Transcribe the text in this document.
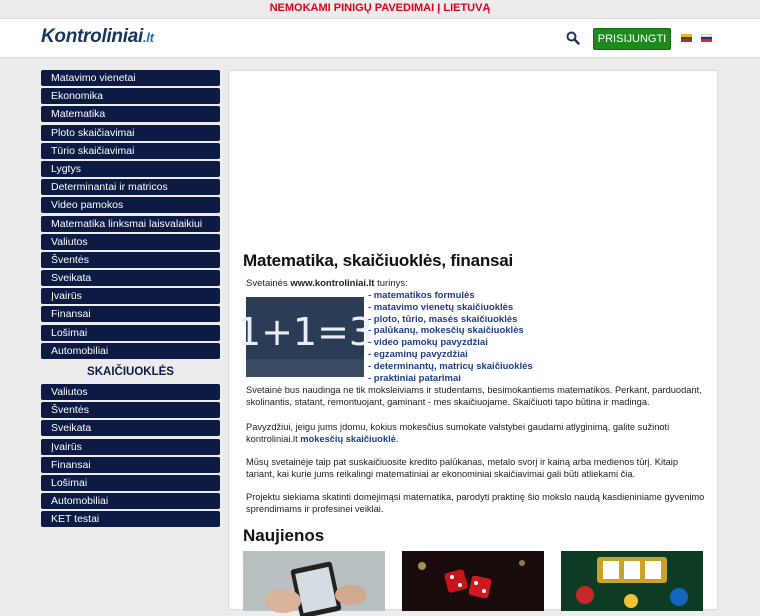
NEMOKAMI PINIGŲ PAVEDIMAI Į LIETUVĄ
Kontroliniai.lt	PRISIJUNGTI
Matavimo vienetai
Ekonomika
Matematika
Ploto skaičiavimai
Tūrio skaičiavimai
Lygtys
Determinantai ir matricos
Video pamokos
Matematika linksmai laisvalaikiui
Valiutos
Šventės
Sveikata
Įvairūs
Finansai
Lošimai
Automobiliai
SKAIČIUOKLĖS
Valiutos
Šventės
Sveikata
Įvairūs
Finansai
Lošimai
Automobiliai
KET testai
Matematika, skaičiuoklės, finansai
Svetainės www.kontroliniai.lt turinys:
1+1=3
- matematikos formulės
- matavimo vienetų skaičiuoklės
- ploto, tūrio, masės skaičiuoklės
- palūkanų, mokesčių skaičiuoklės
- video pamokų pavyzdžiai
- egzaminų pavyzdžiai
- determinantų, matricų skaičiuoklės
- praktiniai patarimai

Svetainė bus naudinga ne tik moksleiviams ir studentams, besimokantiems matematikos. Perkant, parduodant, skolinantis, statant, remontuojant, gaminant - mes skaičiuojame. Skaičiuoti tapo būtina ir madinga.

Pavyzdžiui, jeigu jums įdomu, kokius mokesčius sumokate valstybei gaudami atlyginimą, galite sužinoti kontroliniai.lt mokesčių skaičiuoklė.

Mūsų svetainėje taip pat suskaičiuosite kredito palūkanas, metalo svorį ir kainą arba medienos tūrį. Kitaip tariant, kai kurie jums reikalingi matematiniai ar ekonominiai skaičiavimai gali būti atliekami čia.

Projektu siekiama skatinti domėjimąsi matematika, parodyti praktinę šio mokslo naudą kasdieniniame gyvenimo sprendimams ir profesinei veiklai.

Naujienos
